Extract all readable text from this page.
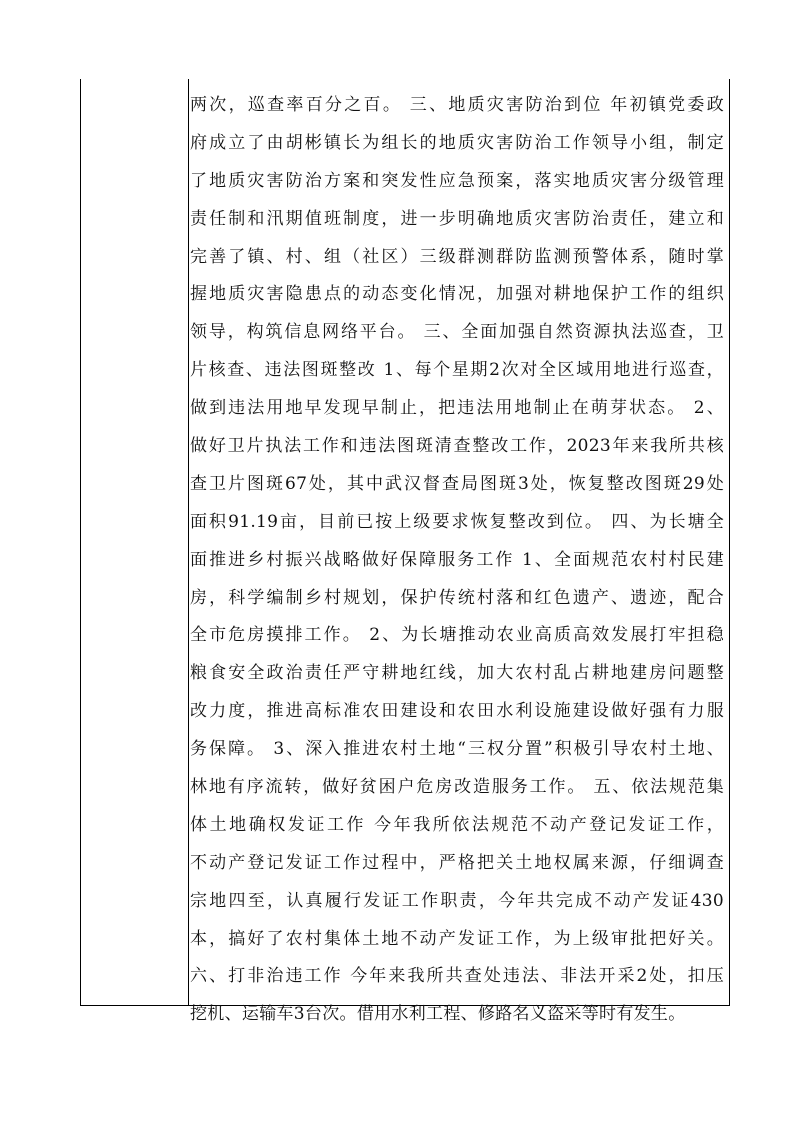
两次，巡查率百分之百。 三、地质灾害防治到位 年初镇党委政
府成立了由胡彬镇长为组长的地质灾害防治工作领导小组，制定
了地质灾害防治方案和突发性应急预案，落实地质灾害分级管理
责任制和汛期值班制度，进一步明确地质灾害防治责任，建立和
完善了镇、村、组（社区）三级群测群防监测预警体系，随时掌
握地质灾害隐患点的动态变化情况，加强对耕地保护工作的组织
领导，构筑信息网络平台。 三、全面加强自然资源执法巡查，卫
片核查、违法图斑整改 1、每个星期2次对全区域用地进行巡查，
做到违法用地早发现早制止，把违法用地制止在萌芽状态。 2、
做好卫片执法工作和违法图斑清查整改工作，2023年来我所共核
查卫片图斑67处，其中武汉督查局图斑3处，恢复整改图斑29处
面积91.19亩，目前已按上级要求恢复整改到位。 四、为长塘全
面推进乡村振兴战略做好保障服务工作 1、全面规范农村村民建
房，科学编制乡村规划，保护传统村落和红色遗产、遗迹，配合
全市危房摸排工作。 2、为长塘推动农业高质高效发展打牢担稳
粮食安全政治责任严守耕地红线，加大农村乱占耕地建房问题整
改力度，推进高标准农田建设和农田水利设施建设做好强有力服
务保障。 3、深入推进农村土地“三权分置”积极引导农村土地、
林地有序流转，做好贫困户危房改造服务工作。 五、依法规范集
体土地确权发证工作 今年我所依法规范不动产登记发证工作，
不动产登记发证工作过程中，严格把关土地权属来源，仔细调查
宗地四至，认真履行发证工作职责，今年共完成不动产发证430
本，搞好了农村集体土地不动产发证工作，为上级审批把好关。
六、打非治违工作 今年来我所共查处违法、非法开采2处，扣压
挖机、运输车3台次。借用水利工程、修路名义盗采等时有发生。
